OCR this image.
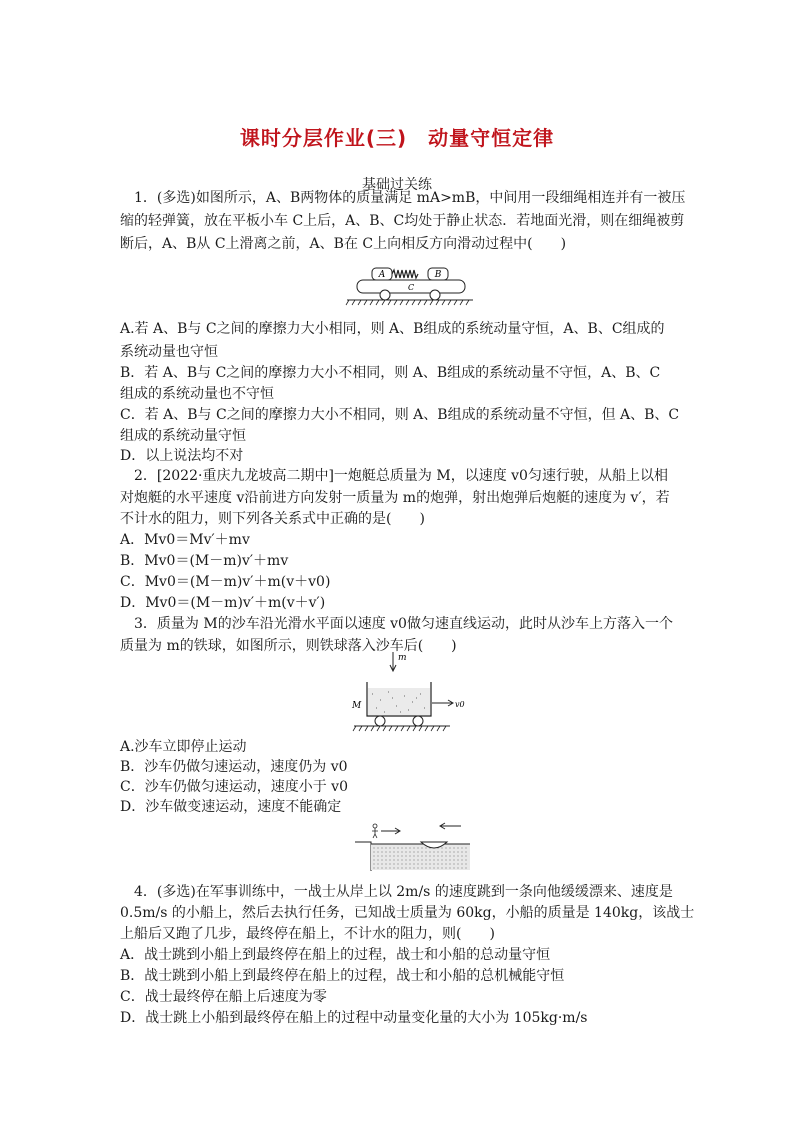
课时分层作业(三)　动量守恒定律
基础过关练
　1．(多选)如图所示，A、B两物体的质量满足 mA>mB，中间用一段细绳相连并有一被压
缩的轻弹簧，放在平板小车 C上后，A、B、C均处于静止状态．若地面光滑，则在细绳被剪
断后，A、B从 C上滑离之前，A、B在 C上向相反方向滑动过程中(　　)
A	B
C
A.若 A、B与 C之间的摩擦力大小相同，则 A、B组成的系统动量守恒，A、B、C组成的
系统动量也守恒
B．若 A、B与 C之间的摩擦力大小不相同，则 A、B组成的系统动量不守恒，A、B、C
组成的系统动量也不守恒
C．若 A、B与 C之间的摩擦力大小不相同，则 A、B组成的系统动量不守恒，但 A、B、C
组成的系统动量守恒
D．以上说法均不对
　2．[2022·重庆九龙坡高二期中]一炮艇总质量为 M，以速度 v0匀速行驶，从船上以相
对炮艇的水平速度 v沿前进方向发射一质量为 m的炮弹，射出炮弹后炮艇的速度为 v′，若
不计水的阻力，则下列各关系式中正确的是(　　)
A．Mv0＝Mv′＋mv
B．Mv0＝(M－m)v′＋mv
C．Mv0＝(M－m)v′＋m(v＋v0)
D．Mv0＝(M－m)v′＋m(v＋v′)
　3．质量为 M的沙车沿光滑水平面以速度 v0做匀速直线运动，此时从沙车上方落入一个
质量为 m的铁球，如图所示，则铁球落入沙车后(　　)
m
M	v0
A.沙车立即停止运动
B．沙车仍做匀速运动，速度仍为 v0
C．沙车仍做匀速运动，速度小于 v0
D．沙车做变速运动，速度不能确定
　4．(多选)在军事训练中，一战士从岸上以 2m/s 的速度跳到一条向他缓缓漂来、速度是
0.5m/s 的小船上，然后去执行任务，已知战士质量为 60kg，小船的质量是 140kg，该战士
上船后又跑了几步，最终停在船上，不计水的阻力，则(　　)
A．战士跳到小船上到最终停在船上的过程，战士和小船的总动量守恒
B．战士跳到小船上到最终停在船上的过程，战士和小船的总机械能守恒
C．战士最终停在船上后速度为零
D．战士跳上小船到最终停在船上的过程中动量变化量的大小为 105kg·m/s
